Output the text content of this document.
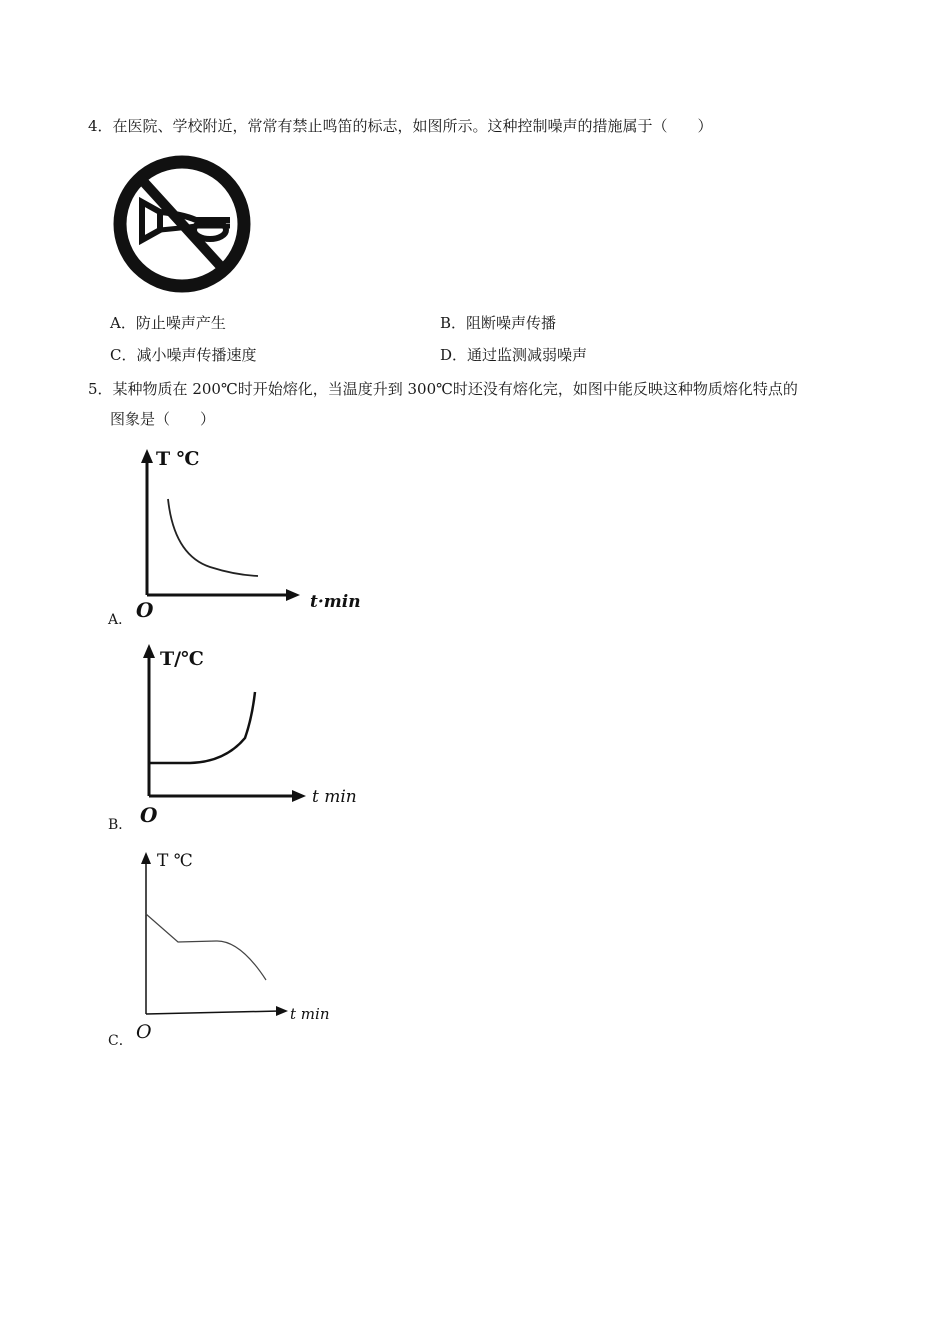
4．在医院、学校附近，常常有禁止鸣笛的标志，如图所示。这种控制噪声的措施属于（　　）
A．防止噪声产生	B．阻断噪声传播
C．减小噪声传播速度	D．通过监测减弱噪声
5．某种物质在 200℃时开始熔化，当温度升到 300℃时还没有熔化完，如图中能反映这种物质熔化特点的
图象是（　　）
T ℃
t·min
O
A．
T/℃
t min
O
B．
T ℃
t min
O
C．
